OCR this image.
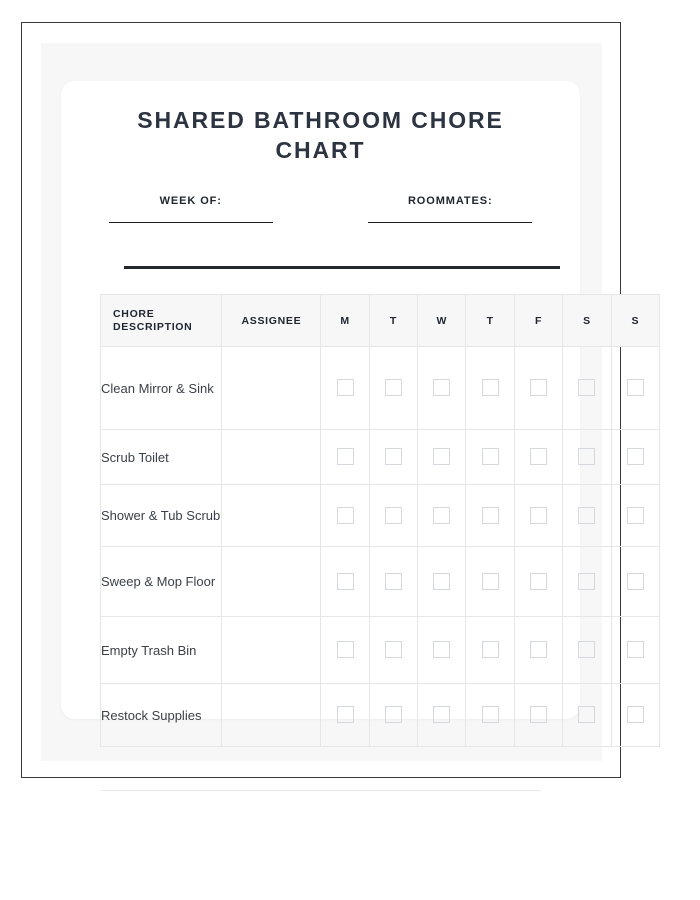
SHARED BATHROOM CHORE CHART
WEEK OF:	ROOMMATES:
CHORE
DESCRIPTION	ASSIGNEE	M	T	W	T	F	S	S
Clean Mirror & Sink								
Scrub Toilet								
Shower & Tub Scrub								
Sweep & Mop Floor								
Empty Trash Bin								
Restock Supplies								
